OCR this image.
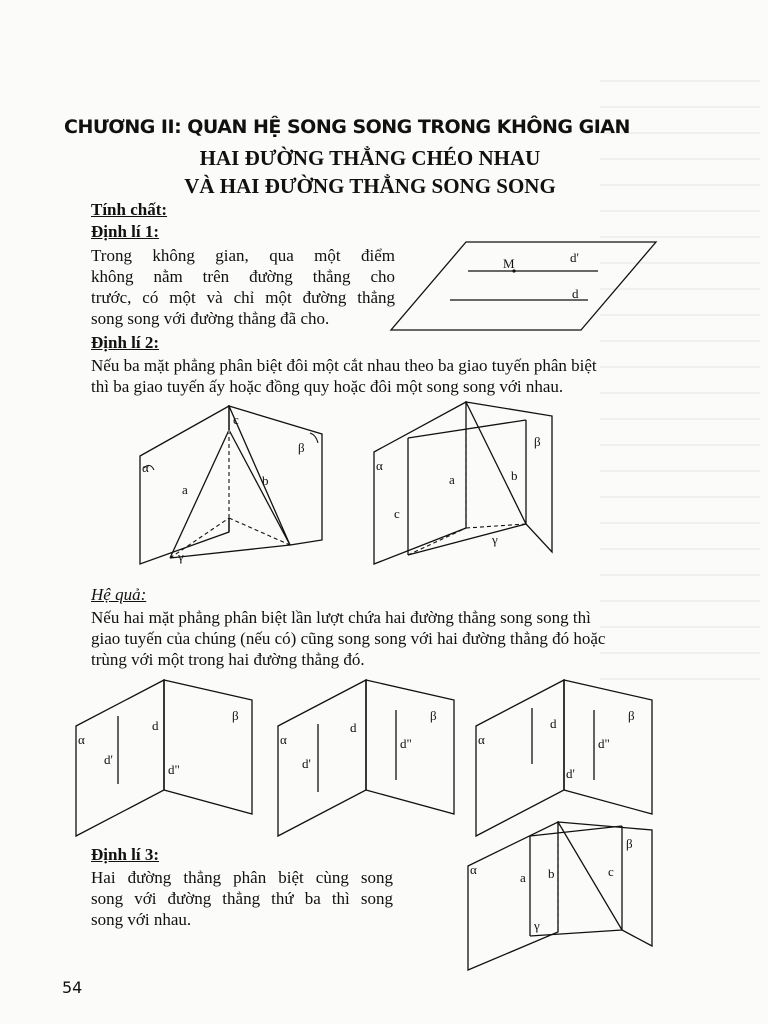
CHƯƠNG II: QUAN HỆ SONG SONG TRONG KHÔNG GIAN
HAI ĐƯỜNG THẲNG CHÉO NHAU
VÀ HAI ĐƯỜNG THẲNG SONG SONG
Tính chất:
Định lí 1:
Trong không gian, qua một điểm
không nằm trên đường thẳng cho
trước, có một và chỉ một đường thẳng
song song với đường thẳng đã cho.
M	d'
d
Định lí 2:
Nếu ba mặt phẳng phân biệt đôi một cắt nhau theo ba giao tuyến phân biệt
thì ba giao tuyến ấy hoặc đồng quy hoặc đôi một song song với nhau.
α
β
γ
c
a
b
α
β
γ
a	b
c
Hệ quả:
Nếu hai mặt phẳng phân biệt lần lượt chứa hai đường thẳng song song thì
giao tuyến của chúng (nếu có) cũng song song với hai đường thẳng đó hoặc
trùng với một trong hai đường thẳng đó.
α
β
d
d'
d"
α
β
d
d'
d"	α
β
d
d'
d"
Định lí 3:
Hai đường thẳng phân biệt cùng song
song với đường thẳng thứ ba thì song
song với nhau.
α
β
γ
a b	c
54
